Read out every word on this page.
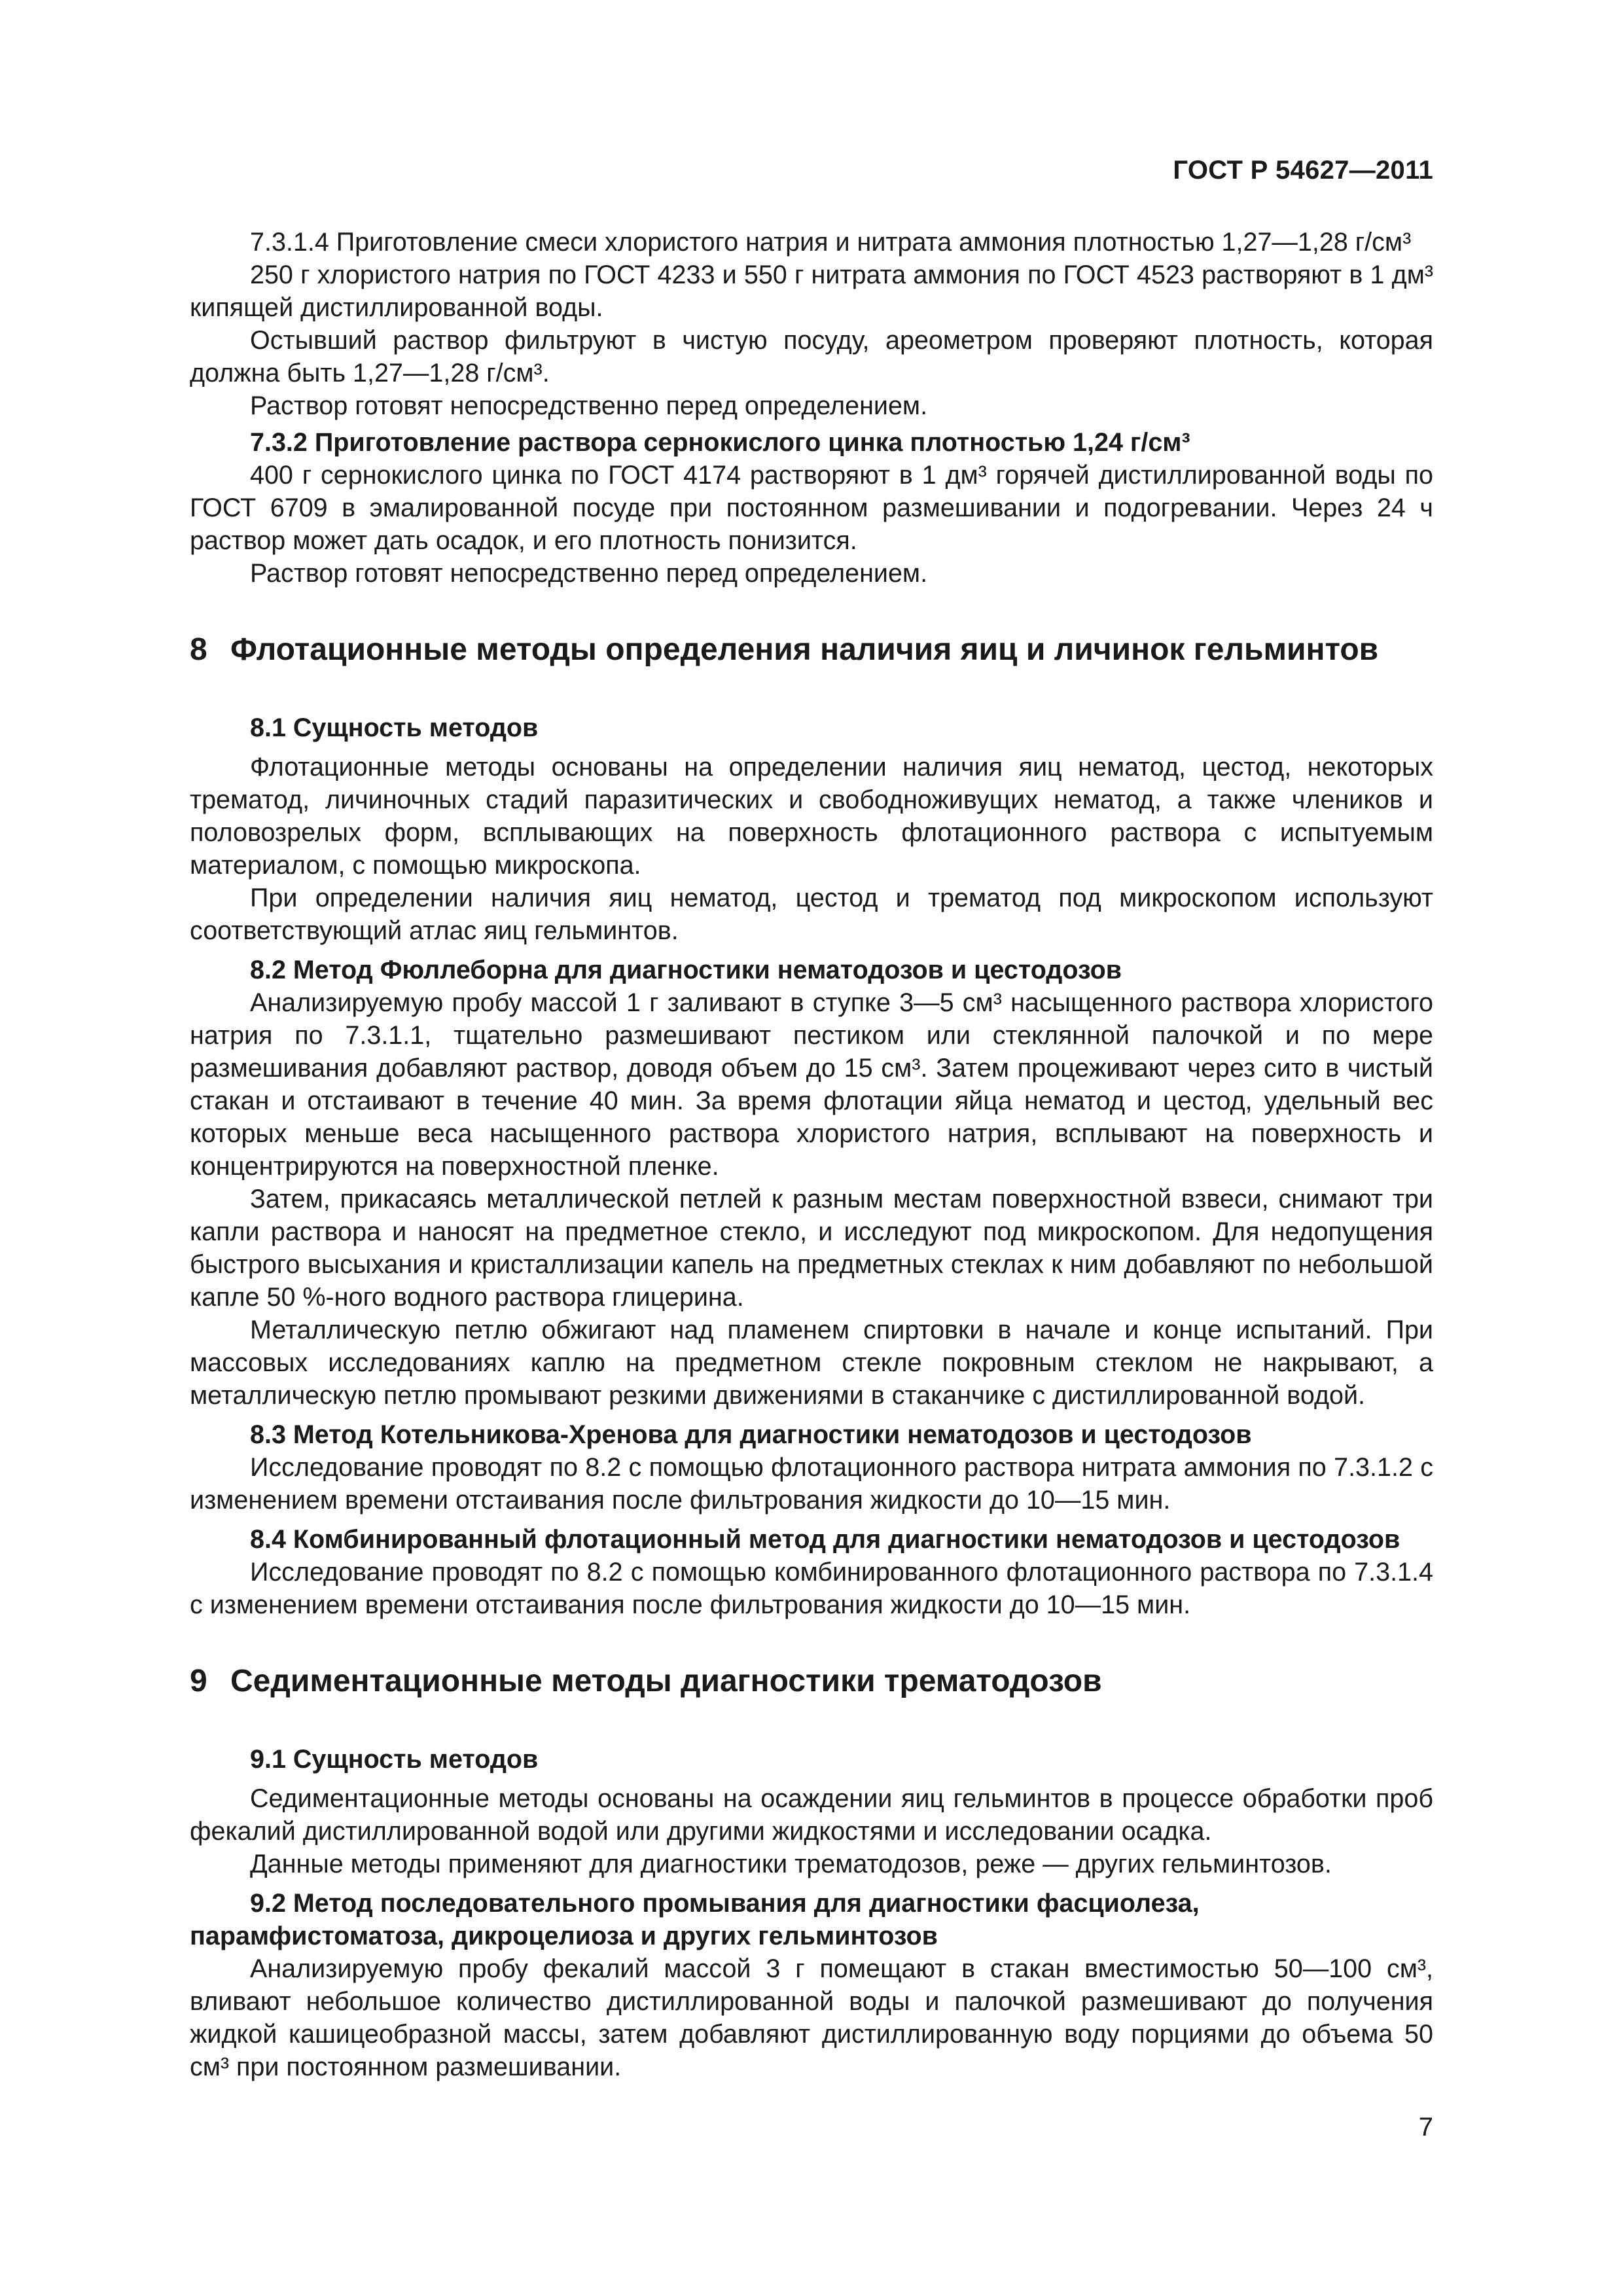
ГОСТ Р 54627—2011

7.3.1.4 Приготовление смеси хлористого натрия и нитрата аммония плотностью 1,27—1,28 г/см³

250 г хлористого натрия по ГОСТ 4233 и 550 г нитрата аммония по ГОСТ 4523 растворяют в 1 дм³ кипящей дистиллированной воды.

Остывший раствор фильтруют в чистую посуду, ареометром проверяют плотность, которая должна быть 1,27—1,28 г/см³.

Раствор готовят непосредственно перед определением.

7.3.2 Приготовление раствора сернокислого цинка плотностью 1,24 г/см³

400 г сернокислого цинка по ГОСТ 4174 растворяют в 1 дм³ горячей дистиллированной воды по ГОСТ 6709 в эмалированной посуде при постоянном размешивании и подогревании. Через 24 ч раствор может дать осадок, и его плотность понизится.

Раствор готовят непосредственно перед определением.

8 Флотационные методы определения наличия яиц и личинок гельминтов

8.1 Сущность методов

Флотационные методы основаны на определении наличия яиц нематод, цестод, некоторых трематод, личиночных стадий паразитических и свободноживущих нематод, а также члеников и половозрелых форм, всплывающих на поверхность флотационного раствора с испытуемым материалом, с помощью микроскопа.

При определении наличия яиц нематод, цестод и трематод под микроскопом используют соответствующий атлас яиц гельминтов.

8.2 Метод Фюллеборна для диагностики нематодозов и цестодозов

Анализируемую пробу массой 1 г заливают в ступке 3—5 см³ насыщенного раствора хлористого натрия по 7.3.1.1, тщательно размешивают пестиком или стеклянной палочкой и по мере размешивания добавляют раствор, доводя объем до 15 см³. Затем процеживают через сито в чистый стакан и отстаивают в течение 40 мин. За время флотации яйца нематод и цестод, удельный вес которых меньше веса насыщенного раствора хлористого натрия, всплывают на поверхность и концентрируются на поверхностной пленке.

Затем, прикасаясь металлической петлей к разным местам поверхностной взвеси, снимают три капли раствора и наносят на предметное стекло, и исследуют под микроскопом. Для недопущения быстрого высыхания и кристаллизации капель на предметных стеклах к ним добавляют по небольшой капле 50 %-ного водного раствора глицерина.

Металлическую петлю обжигают над пламенем спиртовки в начале и конце испытаний. При массовых исследованиях каплю на предметном стекле покровным стеклом не накрывают, а металлическую петлю промывают резкими движениями в стаканчике с дистиллированной водой.

8.3 Метод Котельникова-Хренова для диагностики нематодозов и цестодозов

Исследование проводят по 8.2 с помощью флотационного раствора нитрата аммония по 7.3.1.2 с изменением времени отстаивания после фильтрования жидкости до 10—15 мин.

8.4 Комбинированный флотационный метод для диагностики нематодозов и цестодозов

Исследование проводят по 8.2 с помощью комбинированного флотационного раствора по 7.3.1.4 с изменением времени отстаивания после фильтрования жидкости до 10—15 мин.

9 Седиментационные методы диагностики трематодозов

9.1 Сущность методов

Седиментационные методы основаны на осаждении яиц гельминтов в процессе обработки проб фекалий дистиллированной водой или другими жидкостями и исследовании осадка.

Данные методы применяют для диагностики трематодозов, реже — других гельминтозов.

9.2 Метод последовательного промывания для диагностики фасциолеза, парамфистоматоза, дикроцелиоза и других гельминтозов

Анализируемую пробу фекалий массой 3 г помещают в стакан вместимостью 50—100 см³, вливают небольшое количество дистиллированной воды и палочкой размешивают до получения жидкой кашицеобразной массы, затем добавляют дистиллированную воду порциями до объема 50 см³ при постоянном размешивании.

7
